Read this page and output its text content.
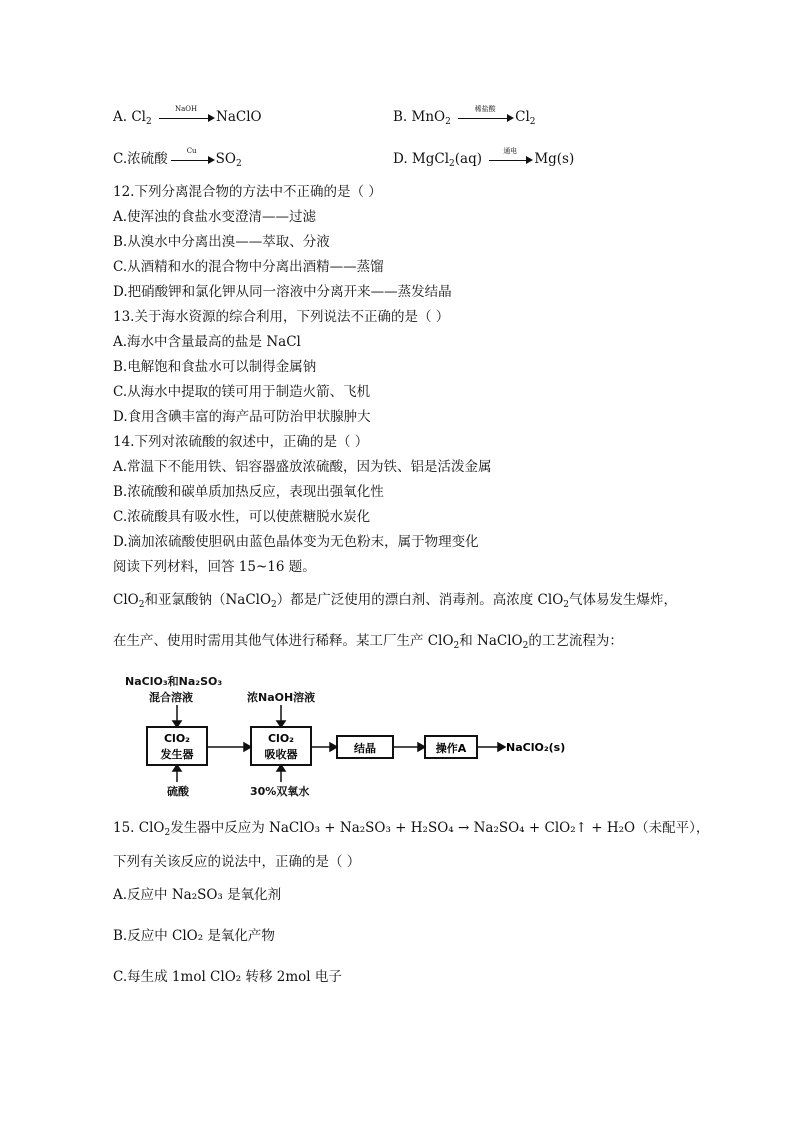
A. $Cl_2$
NaOH	NaClO	B. MnO$_2$
稀盐酸	$Cl_2$
C.浓硫酸	Cu	$SO_2$	D. MgCl$_2$(aq)	通电	Mg(s)
12.下列分离混合物的方法中不正确的是（ ）
A.使浑浊的食盐水变澄清——过滤
B.从溴水中分离出溴——萃取、分液
C.从酒精和水的混合物中分离出酒精——蒸馏
D.把硝酸钾和氯化钾从同一溶液中分离开来——蒸发结晶
13.关于海水资源的综合利用，下列说法不正确的是（ ）
A.海水中含量最高的盐是 NaCl
B.电解饱和食盐水可以制得金属钠
C.从海水中提取的镁可用于制造火箭、飞机
D.食用含碘丰富的海产品可防治甲状腺肿大
14.下列对浓硫酸的叙述中，正确的是（ ）
A.常温下不能用铁、铝容器盛放浓硫酸，因为铁、铝是活泼金属
B.浓硫酸和碳单质加热反应，表现出强氧化性
C.浓硫酸具有吸水性，可以使蔗糖脱水炭化
D.滴加浓硫酸使胆矾由蓝色晶体变为无色粉末，属于物理变化
阅读下列材料，回答 15~16 题。
ClO$_2$和亚氯酸钠（NaClO$_2$）都是广泛使用的漂白剂、消毒剂。高浓度 ClO$_2$气体易发生爆炸，
在生产、使用时需用其他气体进行稀释。某工厂生产 ClO$_2$和 NaClO$_2$的工艺流程为：
NaClO₃和Na₂SO₃
混合溶液	浓NaOH溶液
硫酸	30%双氧水
ClO₂
发生器
ClO₂
吸收器	结晶	操作A	NaClO₂(s)
15. ClO$_2$发生器中反应为 NaClO₃ + Na₂SO₃ + H₂SO₄ → Na₂SO₄ + ClO₂↑ + H₂O（未配平），
下列有关该反应的说法中，正确的是（ ）
A.反应中 Na₂SO₃ 是氧化剂
B.反应中 ClO₂ 是氧化产物
C.每生成 1mol ClO₂ 转移 2mol 电子
